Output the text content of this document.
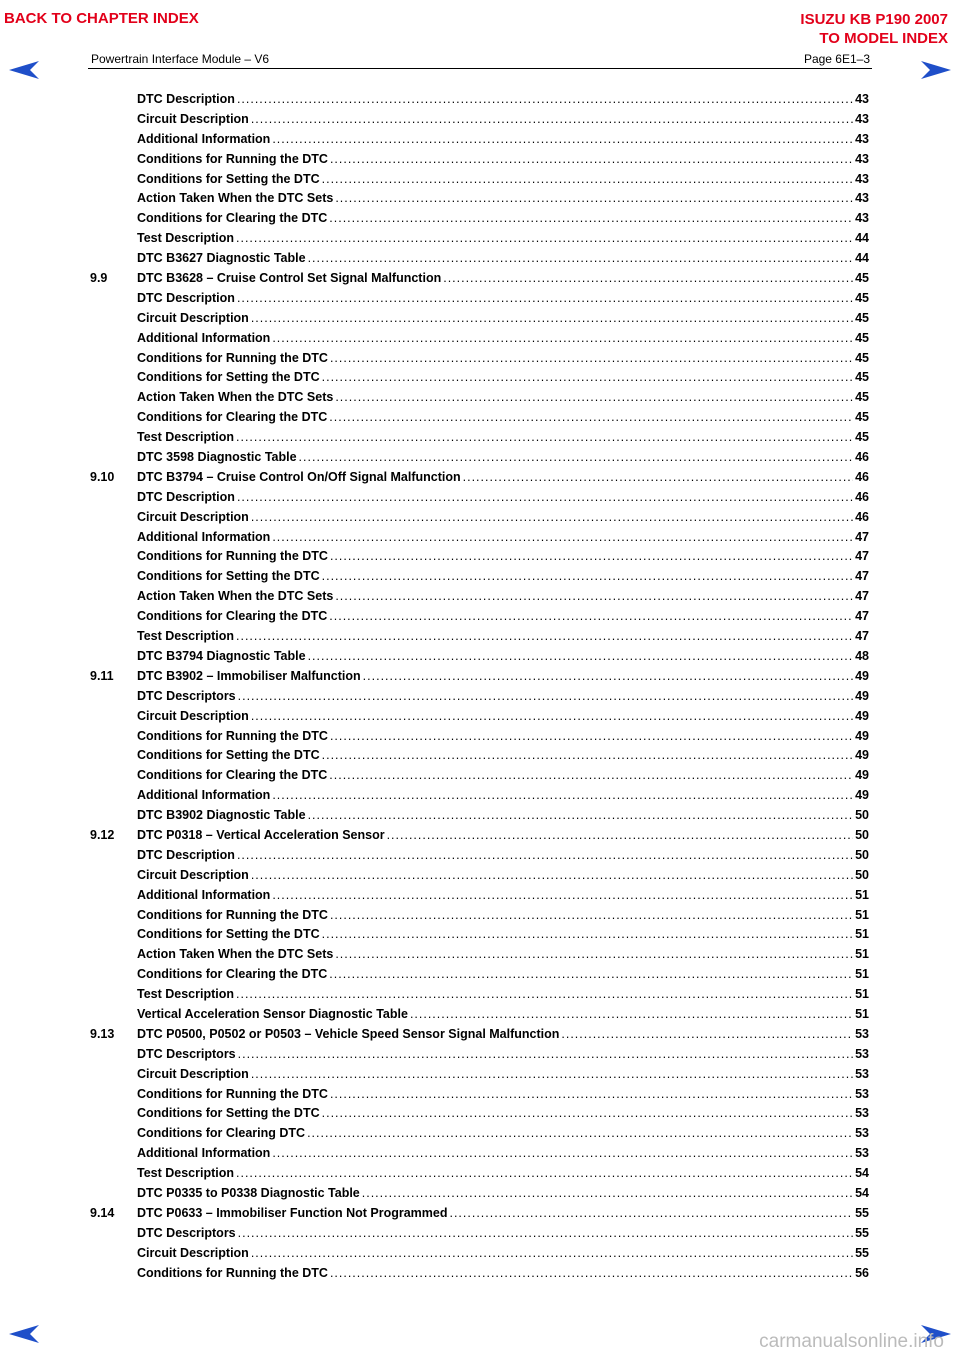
BACK TO CHAPTER INDEX	ISUZU KB P190 2007
TO MODEL INDEX
Powertrain Interface Module – V6	Page 6E1–3
DTC Description .....	43
Circuit Description .....	43
Additional Information .....	43
Conditions for Running the DTC .....	43
Conditions for Setting the DTC .....	43
Action Taken When the DTC Sets .....	43
Conditions for Clearing the DTC .....	43
Test Description .....	44
DTC B3627 Diagnostic Table .....	44
9.9 DTC B3628 – Cruise Control Set Signal Malfunction .....	45
DTC Description .....	45
Circuit Description .....	45
Additional Information .....	45
Conditions for Running the DTC .....	45
Conditions for Setting the DTC .....	45
Action Taken When the DTC Sets .....	45
Conditions for Clearing the DTC .....	45
Test Description .....	45
DTC 3598 Diagnostic Table .....	46
9.10 DTC B3794 – Cruise Control On/Off Signal Malfunction .....	46
DTC Description .....	46
Circuit Description .....	46
Additional Information .....	47
Conditions for Running the DTC .....	47
Conditions for Setting the DTC .....	47
Action Taken When the DTC Sets .....	47
Conditions for Clearing the DTC .....	47
Test Description .....	47
DTC B3794 Diagnostic Table .....	48
9.11 DTC B3902 – Immobiliser Malfunction .....	49
DTC Descriptors .....	49
Circuit Description .....	49
Conditions for Running the DTC .....	49
Conditions for Setting the DTC .....	49
Conditions for Clearing the DTC .....	49
Additional Information .....	49
DTC B3902 Diagnostic Table .....	50
9.12 DTC P0318 – Vertical Acceleration Sensor .....	50
DTC Description .....	50
Circuit Description .....	50
Additional Information .....	51
Conditions for Running the DTC .....	51
Conditions for Setting the DTC .....	51
Action Taken When the DTC Sets .....	51
Conditions for Clearing the DTC .....	51
Test Description .....	51
Vertical Acceleration Sensor Diagnostic Table .....	51
9.13 DTC P0500, P0502 or P0503 – Vehicle Speed Sensor Signal Malfunction .....	53
DTC Descriptors .....	53
Circuit Description .....	53
Conditions for Running the DTC .....	53
Conditions for Setting the DTC .....	53
Conditions for Clearing DTC .....	53
Additional Information .....	53
Test Description .....	54
DTC P0335 to P0338 Diagnostic Table .....	54
9.14 DTC P0633 – Immobiliser Function Not Programmed .....	55
DTC Descriptors .....	55
Circuit Description .....	55
Conditions for Running the DTC .....	56
carmanualsonline.info
